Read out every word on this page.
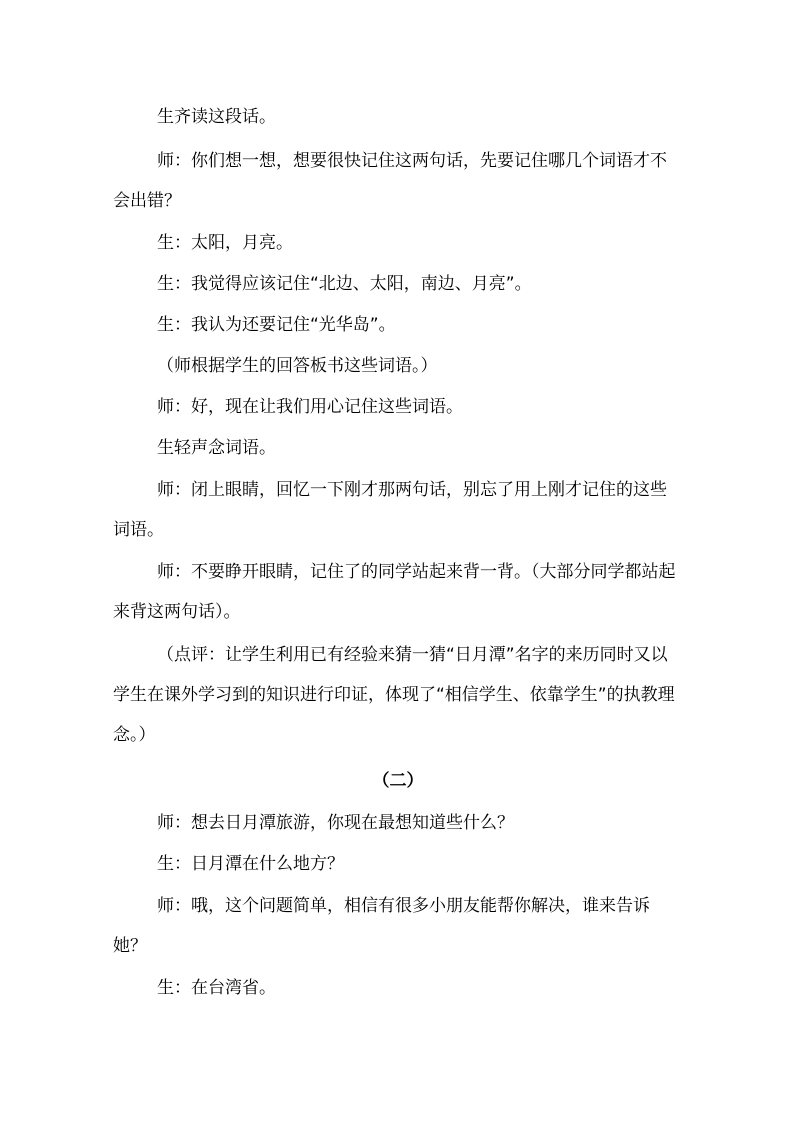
生齐读这段话。

师：你们想一想，想要很快记住这两句话，先要记住哪几个词语才不会出错？

生：太阳，月亮。

生：我觉得应该记住“北边、太阳，南边、月亮”。

生：我认为还要记住“光华岛”。

（师根据学生的回答板书这些词语。）

师：好，现在让我们用心记住这些词语。

生轻声念词语。

师：闭上眼睛，回忆一下刚才那两句话，别忘了用上刚才记住的这些词语。

师：不要睁开眼睛，记住了的同学站起来背一背。（大部分同学都站起来背这两句话）。

（点评：让学生利用已有经验来猜一猜“日月潭”名字的来历同时又以学生在课外学习到的知识进行印证，体现了“相信学生、依靠学生”的执教理念。）

（二）

师：想去日月潭旅游，你现在最想知道些什么？

生：日月潭在什么地方？

师：哦，这个问题简单，相信有很多小朋友能帮你解决，谁来告诉她？

生：在台湾省。
